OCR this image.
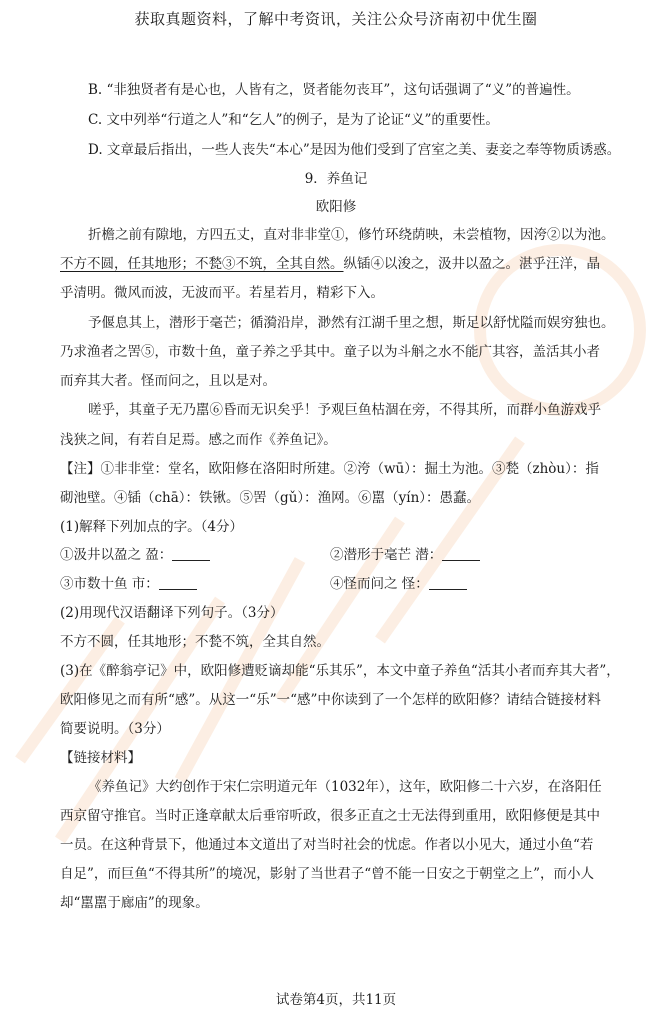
获取真题资料，了解中考资讯，关注公众号济南初中优生圈
B. “非独贤者有是心也，人皆有之，贤者能勿丧耳”，这句话强调了“义”的普遍性。
C. 文中列举“行道之人”和“乞人”的例子，是为了论证“义”的重要性。
D. 文章最后指出，一些人丧失“本心”是因为他们受到了宫室之美、妻妾之奉等物质诱惑。
9．养鱼记
欧阳修
折檐之前有隙地，方四五丈，直对非非堂①，修竹环绕荫映，未尝植物，因洿②以为池。
不方不圆，任其地形；不甃③不筑，全其自然。纵锸④以浚之，汲井以盈之。湛乎汪洋，晶
乎清明。微风而波，无波而平。若星若月，精彩下入。
予偃息其上，潜形于毫芒；循漪沿岸，渺然有江湖千里之想，斯足以舒忧隘而娱穷独也。
乃求渔者之罟⑤，市数十鱼，童子养之乎其中。童子以为斗斛之水不能广其容，盖活其小者
而弃其大者。怪而问之，且以是对。
嗟乎，其童子无乃嚚⑥昏而无识矣乎！予观巨鱼枯涸在旁，不得其所，而群小鱼游戏乎
浅狭之间，有若自足焉。感之而作《养鱼记》。
【注】①非非堂：堂名，欧阳修在洛阳时所建。②洿（wū）：掘土为池。③甃（zhòu）：指
砌池壁。④锸（chā）：铁锹。⑤罟（gǔ）：渔网。⑥嚚（yín）：愚蠢。
(1)解释下列加点的字。（4分）
①汲井以盈之 盈：	②潜形于毫芒 潜：
③市数十鱼 市：	④怪而问之 怪：
(2)用现代汉语翻译下列句子。（3分）
不方不圆，任其地形；不甃不筑，全其自然。
(3)在《醉翁亭记》中，欧阳修遭贬谪却能“乐其乐”，本文中童子养鱼“活其小者而弃其大者”，
欧阳修见之而有所“感”。从这一“乐”一“感”中你读到了一个怎样的欧阳修？请结合链接材料
简要说明。（3分）
【链接材料】
《养鱼记》大约创作于宋仁宗明道元年（1032年），这年，欧阳修二十六岁，在洛阳任
西京留守推官。当时正逢章献太后垂帘听政，很多正直之士无法得到重用，欧阳修便是其中
一员。在这种背景下，他通过本文道出了对当时社会的忧虑。作者以小见大，通过小鱼“若
自足”，而巨鱼“不得其所”的境况，影射了当世君子“曾不能一日安之于朝堂之上”，而小人
却“嚚嚚于廊庙”的现象。
试卷第4页，共11页
